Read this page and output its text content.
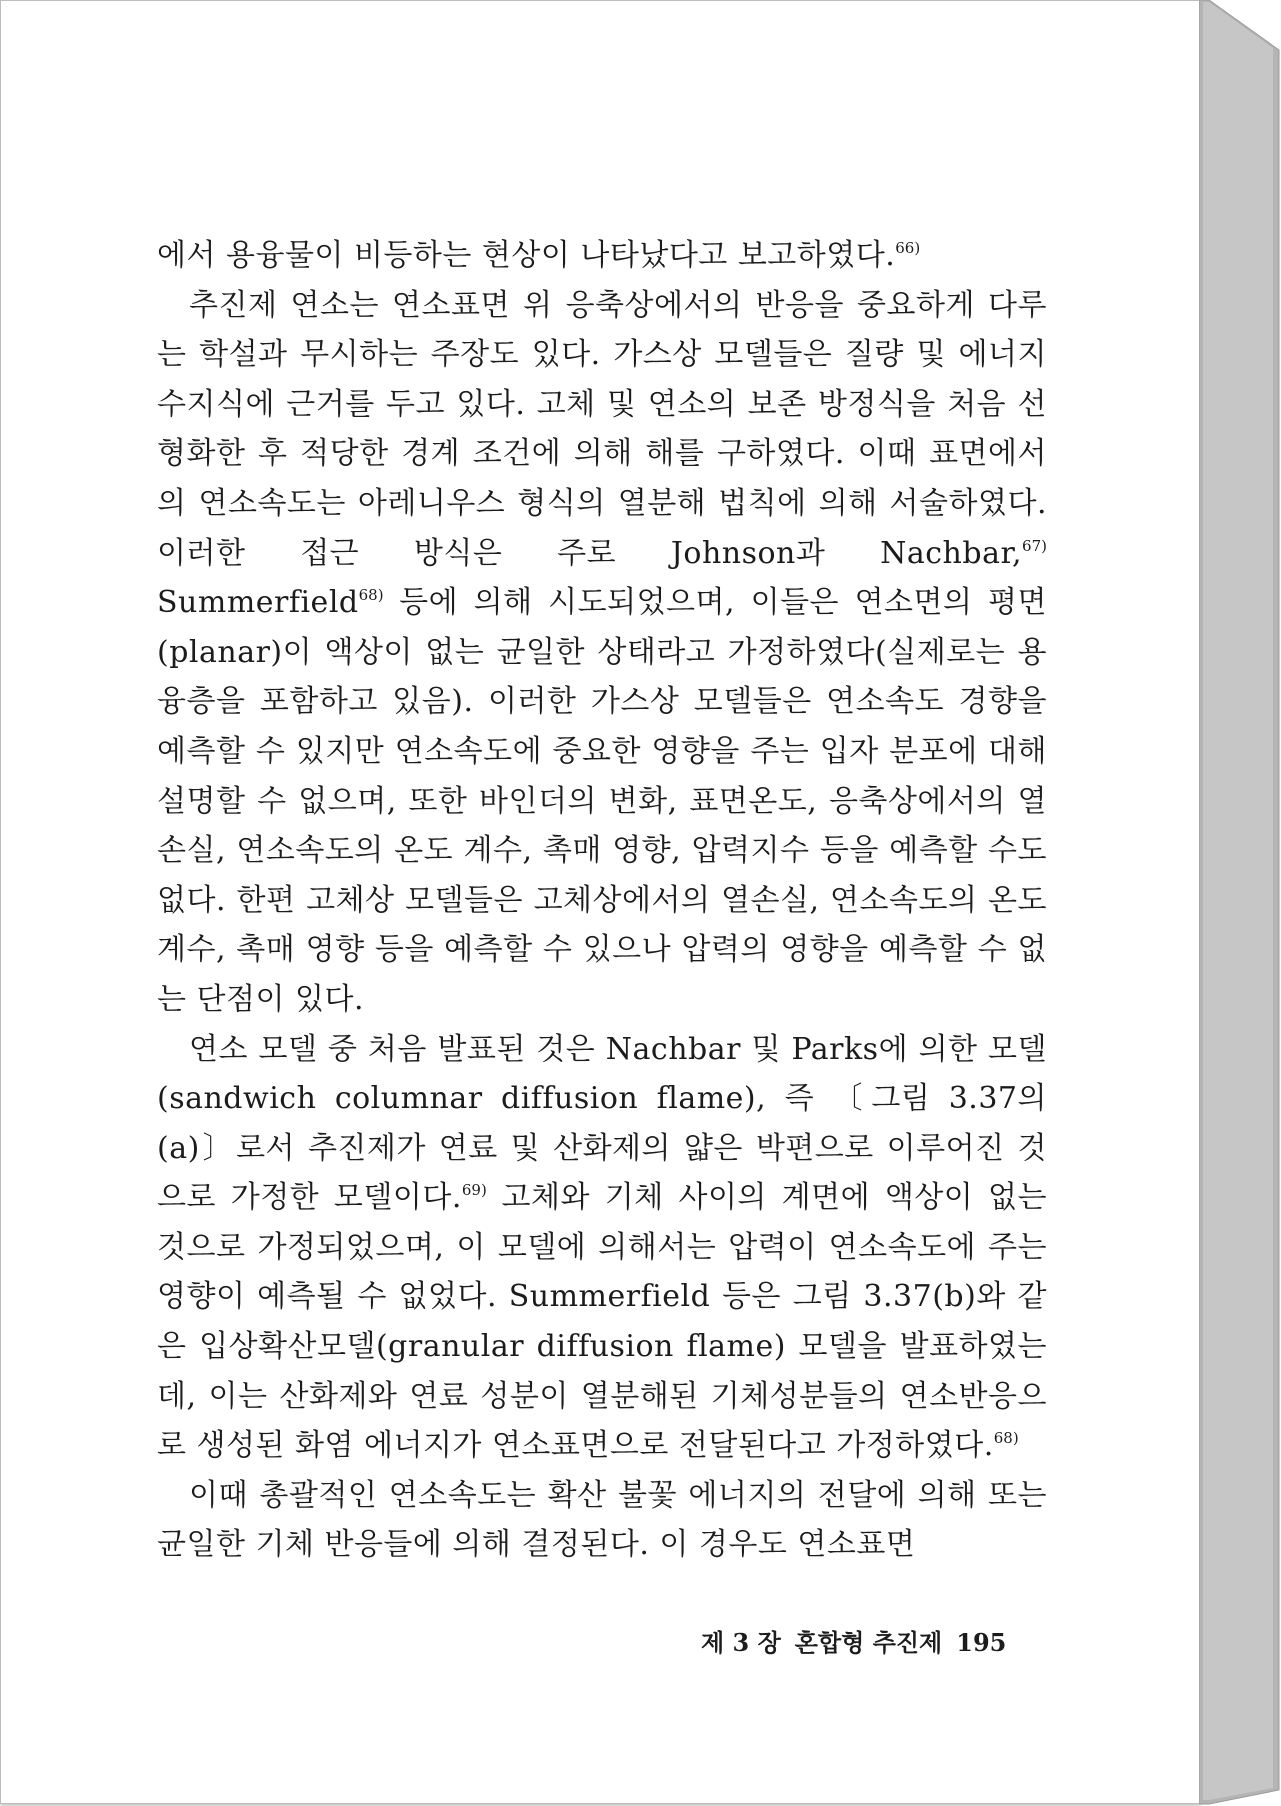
에서 용융물이 비등하는 현상이 나타났다고 보고하였다.$^{66)}$

추진제 연소는 연소표면 위 응축상에서의 반응을 중요하게 다루는 학설과 무시하는 주장도 있다. 가스상 모델들은 질량 및 에너지 수지식에 근거를 두고 있다. 고체 및 연소의 보존 방정식을 처음 선형화한 후 적당한 경계 조건에 의해 해를 구하였다. 이때 표면에서의 연소속도는 아레니우스 형식의 열분해 법칙에 의해 서술하였다. 이러한 접근 방식은 주로 Johnson과 Nachbar,$^{67)}$ Summerfield$^{68)}$ 등에 의해 시도되었으며, 이들은 연소면의 평면(planar)이 액상이 없는 균일한 상태라고 가정하였다(실제로는 용융층을 포함하고 있음). 이러한 가스상 모델들은 연소속도 경향을 예측할 수 있지만 연소속도에 중요한 영향을 주는 입자 분포에 대해 설명할 수 없으며, 또한 바인더의 변화, 표면온도, 응축상에서의 열손실, 연소속도의 온도 계수, 촉매 영향, 압력지수 등을 예측할 수도 없다. 한편 고체상 모델들은 고체상에서의 열손실, 연소속도의 온도 계수, 촉매 영향 등을 예측할 수 있으나 압력의 영향을 예측할 수 없는 단점이 있다.

연소 모델 중 처음 발표된 것은 Nachbar 및 Parks에 의한 모델(sandwich columnar diffusion flame), 즉 〔그림 3.37의 (a)〕로서 추진제가 연료 및 산화제의 얇은 박편으로 이루어진 것으로 가정한 모델이다.$^{69)}$ 고체와 기체 사이의 계면에 액상이 없는 것으로 가정되었으며, 이 모델에 의해서는 압력이 연소속도에 주는 영향이 예측될 수 없었다. Summerfield 등은 그림 3.37(b)와 같은 입상확산모델(granular diffusion flame) 모델을 발표하였는데, 이는 산화제와 연료 성분이 열분해된 기체성분들의 연소반응으로 생성된 화염 에너지가 연소표면으로 전달된다고 가정하였다.$^{68)}$

이때 총괄적인 연소속도는 확산 불꽃 에너지의 전달에 의해 또는 균일한 기체 반응들에 의해 결정된다. 이 경우도 연소표면

제 3 장 혼합형 추진제 195
